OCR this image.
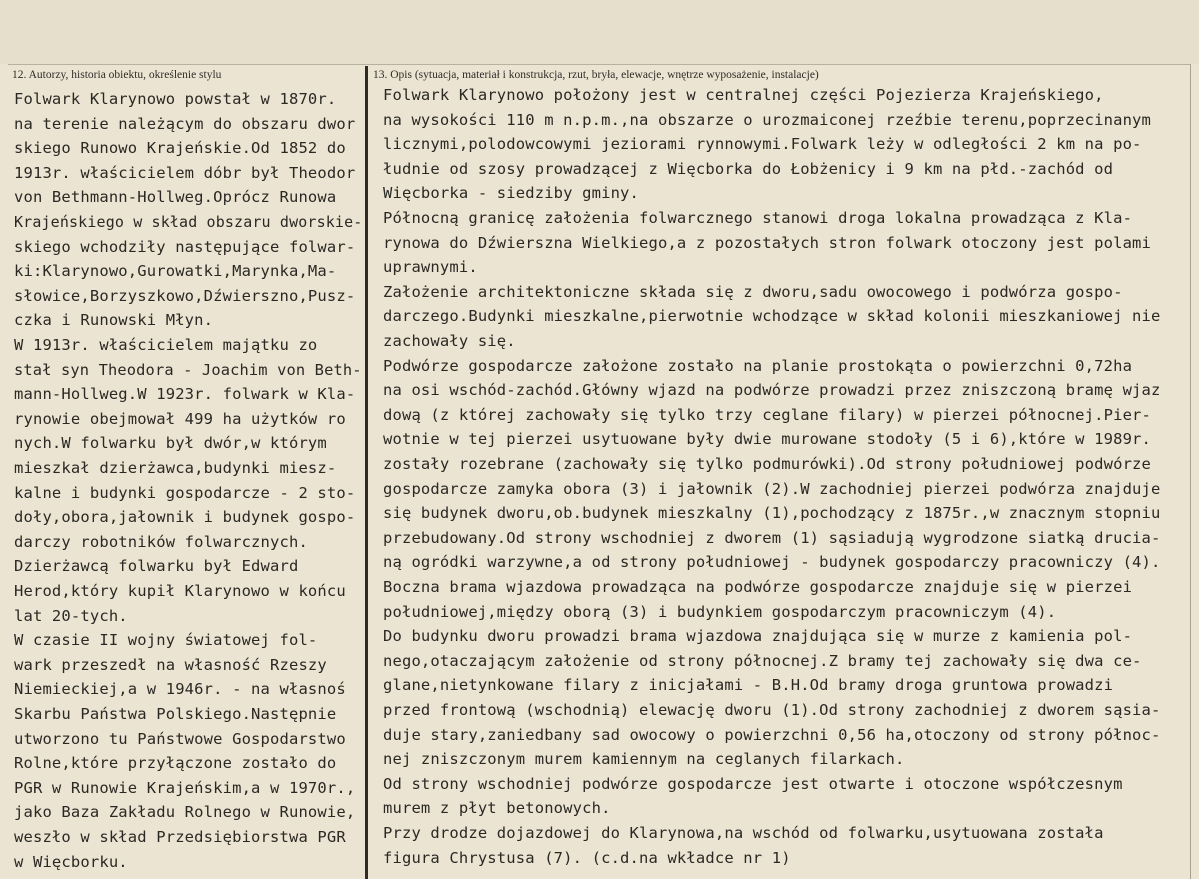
12. Autorzy, historia obiektu, określenie stylu	13. Opis (sytuacja, materiał i konstrukcja, rzut, bryła, elewacje, wnętrze wyposażenie, instalacje)
Folwark Klarynowo powstał w 1870r.
na terenie należącym do obszaru dwor
skiego Runowo Krajeńskie.Od 1852 do
1913r. właścicielem dóbr był Theodor
von Bethmann-Hollweg.Oprócz Runowa
Krajeńskiego w skład obszaru dworskie-
skiego wchodziły następujące folwar-
ki:Klarynowo,Gurowatki,Marynka,Ma-
słowice,Borzyszkowo,Dźwierszno,Pusz-
czka i Runowski Młyn.
W 1913r. właścicielem majątku zo
stał syn Theodora - Joachim von Beth-
mann-Hollweg.W 1923r. folwark w Kla-
rynowie obejmował 499 ha użytków ro
nych.W folwarku był dwór,w którym
mieszkał dzierżawca,budynki miesz-
kalne i budynki gospodarcze - 2 sto-
doły,obora,jałownik i budynek gospo-
darczy robotników folwarcznych.
Dzierżawcą folwarku był Edward
Herod,który kupił Klarynowo w końcu
lat 20-tych.
W czasie II wojny światowej fol-
wark przeszedł na własność Rzeszy
Niemieckiej,a w 1946r. - na własnoś
Skarbu Państwa Polskiego.Następnie
utworzono tu Państwowe Gospodarstwo
Rolne,które przyłączone zostało do
PGR w Runowie Krajeńskim,a w 1970r.,
jako Baza Zakładu Rolnego w Runowie,
weszło w skład Przedsiębiorstwa PGR
w Więcborku.
Folwark Klarynowo położony jest w centralnej części Pojezierza Krajeńskiego,
na wysokości 110 m n.p.m.,na obszarze o urozmaiconej rzeźbie terenu,poprzecinanym
licznymi,polodowcowymi jeziorami rynnowymi.Folwark leży w odległości 2 km na po-
łudnie od szosy prowadzącej z Więcborka do Łobżenicy i 9 km na płd.-zachód od
Więcborka - siedziby gminy.
Północną granicę założenia folwarcznego stanowi droga lokalna prowadząca z Kla-
rynowa do Dźwierszna Wielkiego,a z pozostałych stron folwark otoczony jest polami
uprawnymi.
Założenie architektoniczne składa się z dworu,sadu owocowego i podwórza gospo-
darczego.Budynki mieszkalne,pierwotnie wchodzące w skład kolonii mieszkaniowej nie
zachowały się.
Podwórze gospodarcze założone zostało na planie prostokąta o powierzchni 0,72ha
na osi wschód-zachód.Główny wjazd na podwórze prowadzi przez zniszczoną bramę wjaz
dową (z której zachowały się tylko trzy ceglane filary) w pierzei północnej.Pier-
wotnie w tej pierzei usytuowane były dwie murowane stodoły (5 i 6),które w 1989r.
zostały rozebrane (zachowały się tylko podmurówki).Od strony południowej podwórze
gospodarcze zamyka obora (3) i jałownik (2).W zachodniej pierzei podwórza znajduje
się budynek dworu,ob.budynek mieszkalny (1),pochodzący z 1875r.,w znacznym stopniu
przebudowany.Od strony wschodniej z dworem (1) sąsiadują wygrodzone siatką druciа-
ną ogródki warzywne,a od strony południowej - budynek gospodarczy pracowniczy (4).
Boczna brama wjazdowa prowadząca na podwórze gospodarcze znajduje się w pierzei
południowej,między oborą (3) i budynkiem gospodarczym pracowniczym (4).
Do budynku dworu prowadzi brama wjazdowa znajdująca się w murze z kamienia pol-
nego,otaczającym założenie od strony północnej.Z bramy tej zachowały się dwa ce-
glane,nietynkowane filary z inicjałami - B.H.Od bramy droga gruntowa prowadzi
przed frontową (wschodnią) elewację dworu (1).Od strony zachodniej z dworem sąsia-
duje stary,zaniedbany sad owocowy o powierzchni 0,56 ha,otoczony od strony północ-
nej zniszczonym murem kamiennym na ceglanych filarkach.
Od strony wschodniej podwórze gospodarcze jest otwarte i otoczone współczesnym
murem z płyt betonowych.
Przy drodze dojazdowej do Klarynowa,na wschód od folwarku,usytuowana została
figura Chrystusa (7). (c.d.na wkładce nr 1)
